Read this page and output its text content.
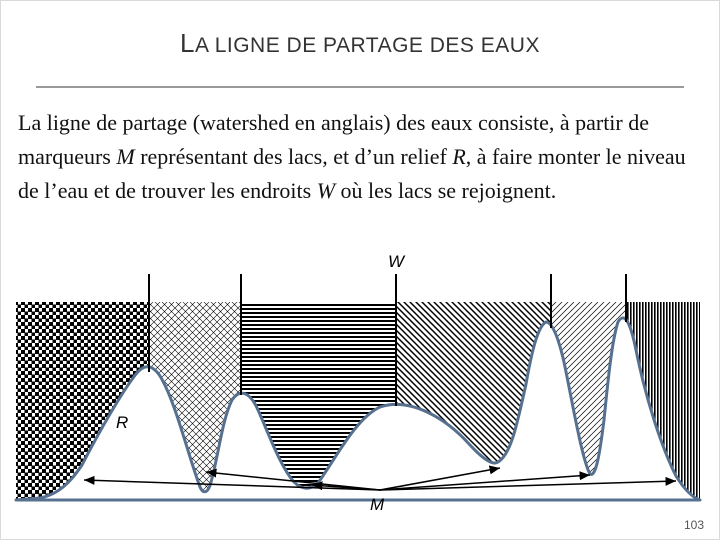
LA LIGNE DE PARTAGE DES EAUX

La ligne de partage (watershed en anglais) des eaux consiste, à partir de marqueurs M représentant des lacs, et d’un relief R, à faire monter le niveau de l’eau et de trouver les endroits W où les lacs se rejoignent.

W
R
M
103
